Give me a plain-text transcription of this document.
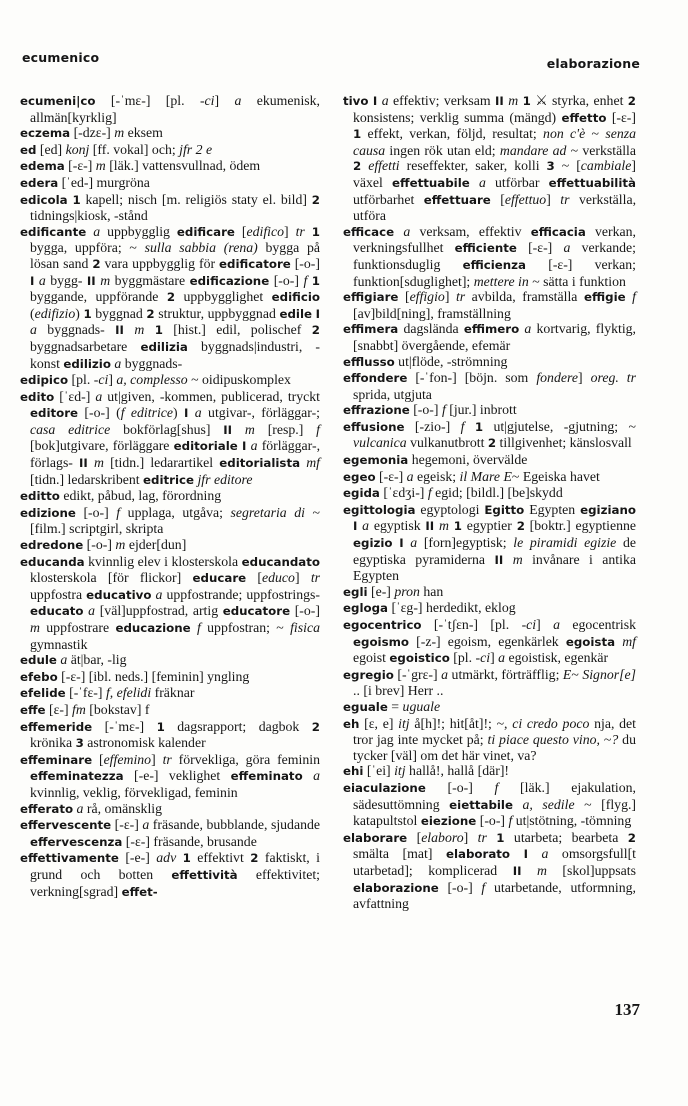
ecumenico	elaborazione

ecumeni|co [-ˈmɛ-] [pl. -ci] a ekumenisk, allmän[kyrklig]

eczema [-dzɛ-] m eksem

ed [ed] konj [ff. vokal] och; jfr 2 e

edema [-ɛ-] m [läk.] vattensvullnad, ödem

edera [ˈed-] murgröna

edicola 1 kapell; nisch [m. religiös staty el. bild] 2 tidnings|kiosk, -stånd

edificante a uppbygglig edificare [edifico] tr 1 bygga, uppföra; ~ sulla sabbia (rena) bygga på lösan sand 2 vara uppbygglig för edificatore [-o-] I a bygg- II m byggmästare edificazione [-o-] f 1 byggande, uppförande 2 uppbygglighet edificio (edifizio) 1 byggnad 2 struktur, uppbyggnad edile I a byggnads- II m 1 [hist.] edil, polischef 2 byggnadsarbetare edilizia byggnads|industri, -konst edilizio a byggnads-

edipico [pl. -ci] a, complesso ~ oidipuskomplex

edito [ˈɛd-] a ut|given, -kommen, publicerad, tryckt editore [-o-] (f editrice) I a utgivar-, förläggar-; casa editrice bokförlag[shus] II m [resp.] f [bok]utgivare, förläggare editoriale I a förläggar-, förlags- II m [tidn.] ledarartikel editorialista mf [tidn.] ledarskribent editrice jfr editore

editto edikt, påbud, lag, förordning

edizione [-o-] f upplaga, utgåva; segretaria di ~ [film.] scriptgirl, skripta

edredone [-o-] m ejder[dun]

educanda kvinnlig elev i klosterskola educandato klosterskola [för flickor] educare [educo] tr uppfostra educativo a uppfostrande; uppfostrings- educato a [väl]uppfostrad, artig educatore [-o-] m uppfostrare educazione f uppfostran; ~ fisica gymnastik

edule a ät|bar, -lig

efebo [-ɛ-] [ibl. neds.] [feminin] yngling

efelide [-ˈfɛ-] f, efelidi fräknar

effe [ɛ-] fm [bokstav] f

effemeride [-ˈmɛ-] 1 dagsrapport; dagbok 2 krönika 3 astronomisk kalender

effeminare [effemino] tr förvekliga, göra feminin effeminatezza [-e-] veklighet effeminato a kvinnlig, veklig, förvekligad, feminin

efferato a rå, omänsklig

effervescente [-ɛ-] a fräsande, bubblande, sjudande effervescenza [-ɛ-] fräsande, brusande

effettivamente [-e-] adv 1 effektivt 2 faktiskt, i grund och botten effettività effektivitet; verkning[sgrad] effet-

tivo I a effektiv; verksam II m 1 ⚔ styrka, enhet 2 konsistens; verklig summa (mängd) effetto [-ɛ-] 1 effekt, verkan, följd, resultat; non c'è ~ senza causa ingen rök utan eld; mandare ad ~ verkställa 2 effetti reseffekter, saker, kolli 3 ~ [cambiale] växel effettuabile a utförbar effettuabilità utförbarhet effettuare [effettuo] tr verkställa, utföra

efficace a verksam, effektiv efficacia verkan, verkningsfullhet efficiente [-ɛ-] a verkande; funktionsduglig efficienza [-ɛ-] verkan; funktion[sduglighet]; mettere in ~ sätta i funktion

effigiare [effigio] tr avbilda, framställa effigie f [av]bild[ning], framställning

effimera dagslända effimero a kortvarig, flyktig, [snabbt] övergående, efemär

efflusso ut|flöde, -strömning

effondere [-ˈfon-] [böjn. som fondere] oreg. tr sprida, utgjuta

effrazione [-o-] f [jur.] inbrott

effusione [-zio-] f 1 ut|gjutelse, -gjutning; ~ vulcanica vulkanutbrott 2 tillgivenhet; känslosvall

egemonia hegemoni, övervälde

egeo [-ɛ-] a egeisk; il Mare E~ Egeiska havet

egida [ˈɛdʒi-] f egid; [bildl.] [be]skydd

egittologia egyptologi Egitto Egypten egiziano I a egyptisk II m 1 egyptier 2 [boktr.] egyptienne egizio I a [forn]egyptisk; le piramidi egizie de egyptiska pyramiderna II m invånare i antika Egypten

egli [e-] pron han

egloga [ˈɛg-] herdedikt, eklog

egocentrico [-ˈtʃɛn-] [pl. -ci] a egocentrisk egoismo [-z-] egoism, egenkärlek egoista mf egoist egoistico [pl. -ci] a egoistisk, egenkär

egregio [-ˈgrɛ-] a utmärkt, förträfflig; E~ Signor[e] .. [i brev] Herr ..

eguale = uguale

eh [ɛ, e] itj å[h]!; hit[åt]!; ~, ci credo poco nja, det tror jag inte mycket på; ti piace questo vino, ~? du tycker [väl] om det här vinet, va?

ehi [ˈei] itj hallå!, hallå [där]!

eiaculazione [-o-] f [läk.] ejakulation, sädesuttömning eiettabile a, sedile ~ [flyg.] katapultstol eiezione [-o-] f ut|stötning, -tömning

elaborare [elaboro] tr 1 utarbeta; bearbeta 2 smälta [mat] elaborato I a omsorgsfull[t utarbetad]; komplicerad II m [skol]uppsats elaborazione [-o-] f utarbetande, utformning, avfattning

137
